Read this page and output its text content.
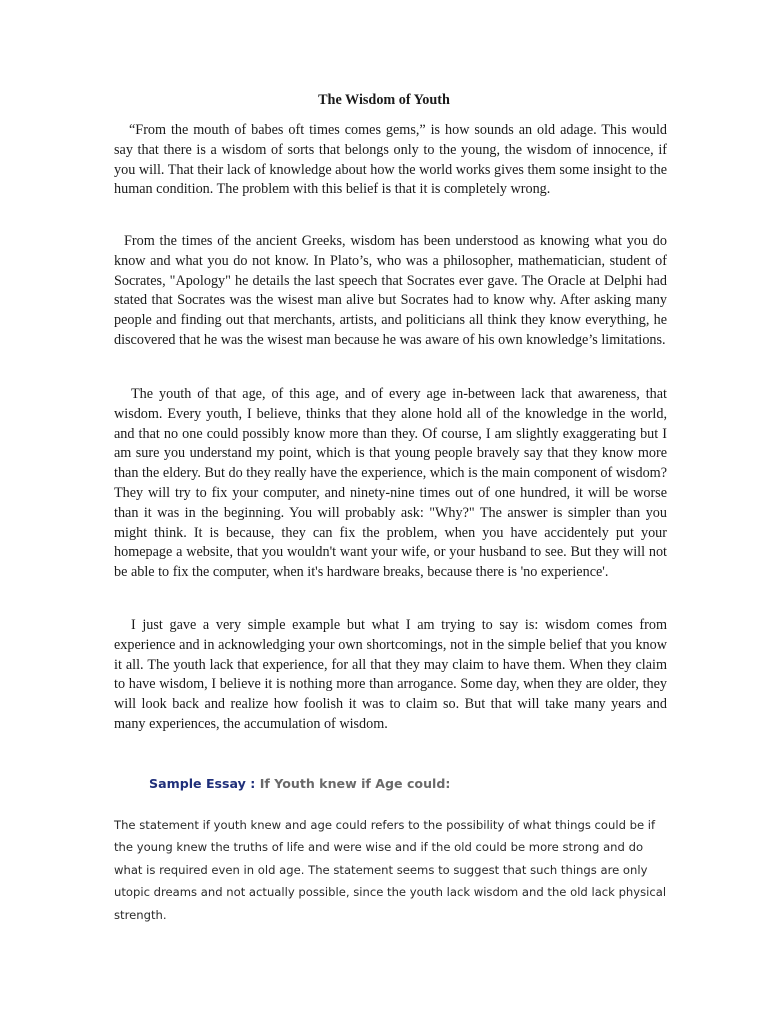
The Wisdom of Youth

“From the mouth of babes oft times comes gems,” is how sounds an old adage. This would say that there is a wisdom of sorts that belongs only to the young, the wisdom of innocence, if you will. That their lack of knowledge about how the world works gives them some insight to the human condition. The problem with this belief is that it is completely wrong.

From the times of the ancient Greeks, wisdom has been understood as knowing what you do know and what you do not know. In Plato’s, who was a philosopher, mathematician, student of Socrates, "Apology" he details the last speech that Socrates ever gave. The Oracle at Delphi had stated that Socrates was the wisest man alive but Socrates had to know why. After asking many people and finding out that merchants, artists, and politicians all think they know everything, he discovered that he was the wisest man because he was aware of his own knowledge’s limitations.

The youth of that age, of this age, and of every age in-between lack that awareness, that wisdom. Every youth, I believe, thinks that they alone hold all of the knowledge in the world, and that no one could possibly know more than they. Of course, I am slightly exaggerating but I am sure you understand my point, which is that young people bravely say that they know more than the eldery. But do they really have the experience, which is the main component of wisdom? They will try to fix your computer, and ninety-nine times out of one hundred, it will be worse than it was in the beginning. You will probably ask: "Why?" The answer is simpler than you might think. It is because, they can fix the problem, when you have accidentely put your homepage a website, that you wouldn't want your wife, or your husband to see. But they will not be able to fix the computer, when it's hardware breaks, because there is 'no experience'.

I just gave a very simple example but what I am trying to say is: wisdom comes from experience and in acknowledging your own shortcomings, not in the simple belief that you know it all. The youth lack that experience, for all that they may claim to have them. When they claim to have wisdom, I believe it is nothing more than arrogance. Some day, when they are older, they will look back and realize how foolish it was to claim so. But that will take many years and many experiences, the accumulation of wisdom.

Sample Essay : If Youth knew if Age could:

The statement if youth knew and age could refers to the possibility of what things could be if the young knew the truths of life and were wise and if the old could be more strong and do what is required even in old age. The statement seems to suggest that such things are only utopic dreams and not actually possible, since the youth lack wisdom and the old lack physical strength.
